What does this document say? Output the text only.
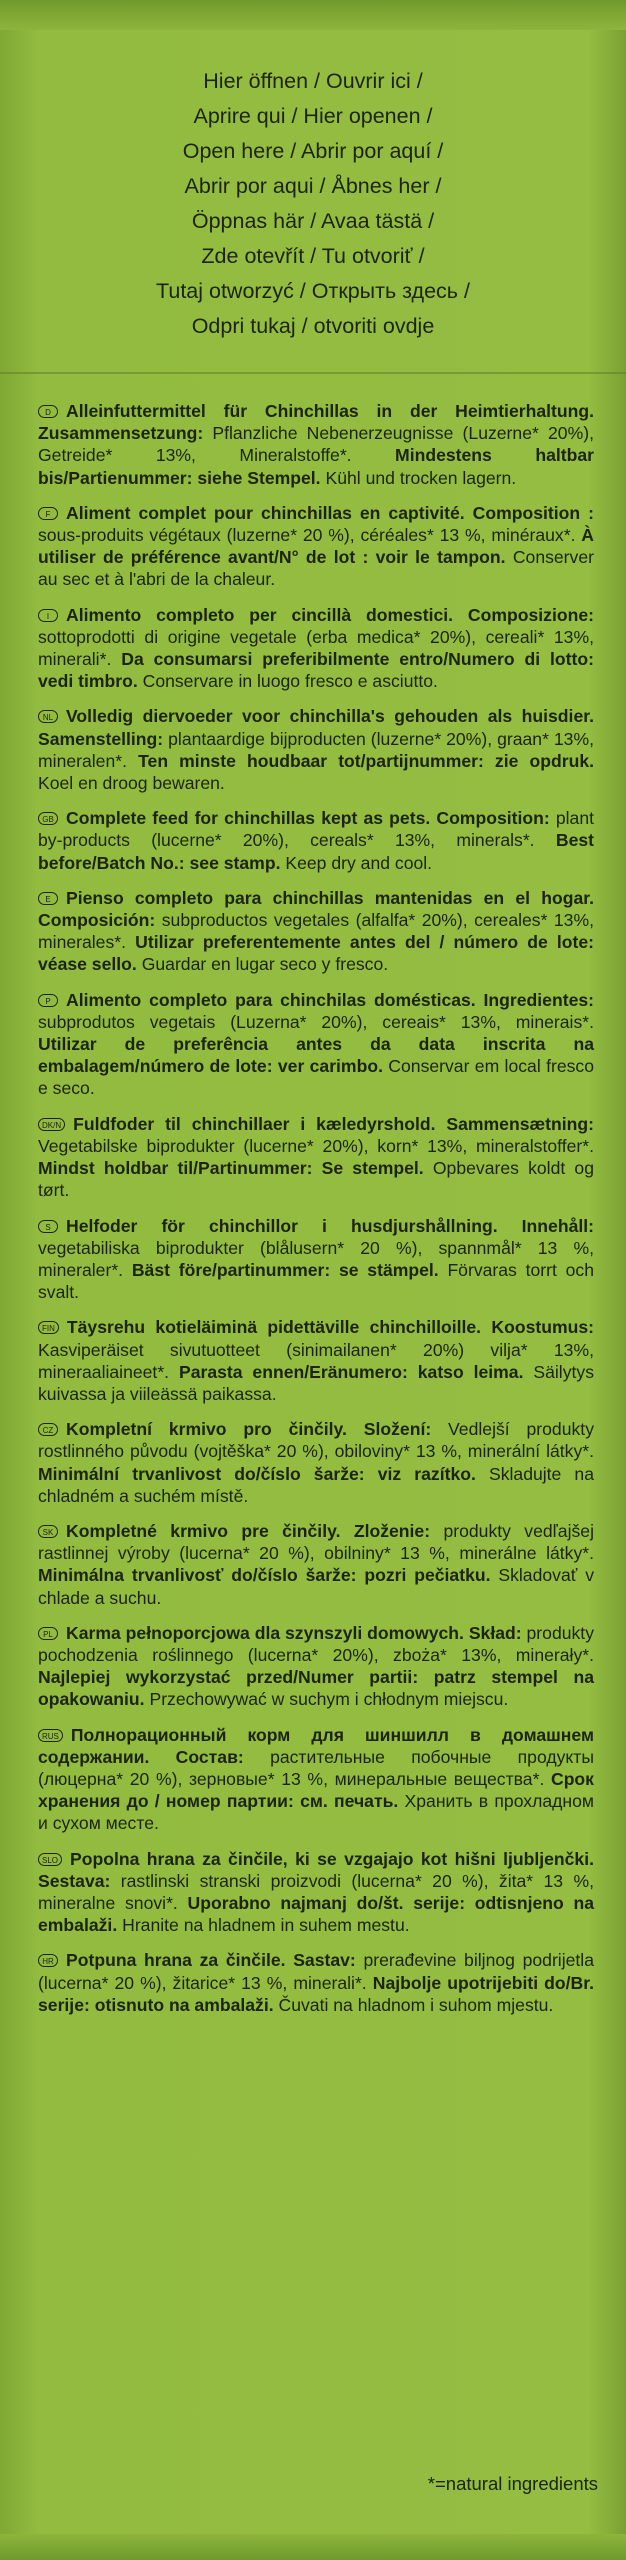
Hier öffnen / Ouvrir ici /
Aprire qui / Hier openen /
Open here / Abrir por aquí /
Abrir por aqui / Åbnes her /
Öppnas här / Avaa tästä /
Zde otevřít / Tu otvoriť /
Tutaj otworzyć / Открыть здесь /
Odpri tukaj / otvoriti ovdje
D Alleinfuttermittel für Chinchillas in der Heimtierhaltung. Zusammensetzung: Pflanzliche Nebenerzeugnisse (Luzerne* 20%), Getreide* 13%, Mineralstoffe*. Mindestens haltbar bis/Partienummer: siehe Stempel. Kühl und trocken lagern.
F Aliment complet pour chinchillas en captivité. Composition : sous-produits végétaux (luzerne* 20 %), céréales* 13 %, minéraux*. À utiliser de préférence avant/N° de lot : voir le tampon. Conserver au sec et à l'abri de la chaleur.
I Alimento completo per cincillà domestici. Composizione: sottoprodotti di origine vegetale (erba medica* 20%), cereali* 13%, minerali*. Da consumarsi preferibilmente entro/Numero di lotto: vedi timbro. Conservare in luogo fresco e asciutto.
NL Volledig diervoeder voor chinchilla's gehouden als huisdier. Samenstelling: plantaardige bijproducten (luzerne* 20%), graan* 13%, mineralen*. Ten minste houdbaar tot/partijnummer: zie opdruk. Koel en droog bewaren.
GB Complete feed for chinchillas kept as pets. Composition: plant by-products (lucerne* 20%), cereals* 13%, minerals*. Best before/Batch No.: see stamp. Keep dry and cool.
E Pienso completo para chinchillas mantenidas en el hogar. Composición: subproductos vegetales (alfalfa* 20%), cereales* 13%, minerales*. Utilizar preferentemente antes del / número de lote: véase sello. Guardar en lugar seco y fresco.
P Alimento completo para chinchilas domésticas. Ingredientes: subprodutos vegetais (Luzerna* 20%), cereais* 13%, minerais*. Utilizar de preferência antes da data inscrita na embalagem/número de lote: ver carimbo. Conservar em local fresco e seco.
DK/N Fuldfoder til chinchillaer i kæledyrshold. Sammensætning: Vegetabilske biprodukter (lucerne* 20%), korn* 13%, mineralstoffer*. Mindst holdbar til/Partinummer: Se stempel. Opbevares koldt og tørt.
S Helfoder för chinchillor i husdjurshållning. Innehåll: vegetabiliska biprodukter (blålusern* 20 %), spannmål* 13 %, mineraler*. Bäst före/partinummer: se stämpel. Förvaras torrt och svalt.
FIN Täysrehu kotieläiminä pidettäville chinchilloille. Koostumus: Kasviperäiset sivutuotteet (sinimailanen* 20%) vilja* 13%, mineraaliaineet*. Parasta ennen/Eränumero: katso leima. Säilytys kuivassa ja viileässä paikassa.
CZ Kompletní krmivo pro činčily. Složení: Vedlejší produkty rostlinného původu (vojtěška* 20 %), obiloviny* 13 %, minerální látky*. Minimální trvanlivost do/číslo šarže: viz razítko. Skladujte na chladném a suchém místě.
SK Kompletné krmivo pre činčily. Zloženie: produkty vedľajšej rastlinnej výroby (lucerna* 20 %), obilniny* 13 %, minerálne látky*. Minimálna trvanlivosť do/číslo šarže: pozri pečiatku. Skladovať v chlade a suchu.
PL Karma pełnoporcjowa dla szynszyli domowych. Skład: produkty pochodzenia roślinnego (lucerna* 20%), zboża* 13%, minerały*. Najlepiej wykorzystać przed/Numer partii: patrz stempel na opakowaniu. Przechowywać w suchym i chłodnym miejscu.
RUS Полнорационный корм для шиншилл в домашнем содержании. Состав: растительные побочные продукты (люцерна* 20 %), зерновые* 13 %, минеральные вещества*. Срок хранения до / номер партии: см. печать. Хранить в прохладном и сухом месте.
SLO Popolna hrana za činčile, ki se vzgajajo kot hišni ljubljenčki. Sestava: rastlinski stranski proizvodi (lucerna* 20 %), žita* 13 %, mineralne snovi*. Uporabno najmanj do/št. serije: odtisnjeno na embalaži. Hranite na hladnem in suhem mestu.
HR Potpuna hrana za činčile. Sastav: prerađevine biljnog podrijetla (lucerna* 20 %), žitarice* 13 %, minerali*. Najbolje upotrijebiti do/Br. serije: otisnuto na ambalaži. Čuvati na hladnom i suhom mjestu.
*=natural ingredients
